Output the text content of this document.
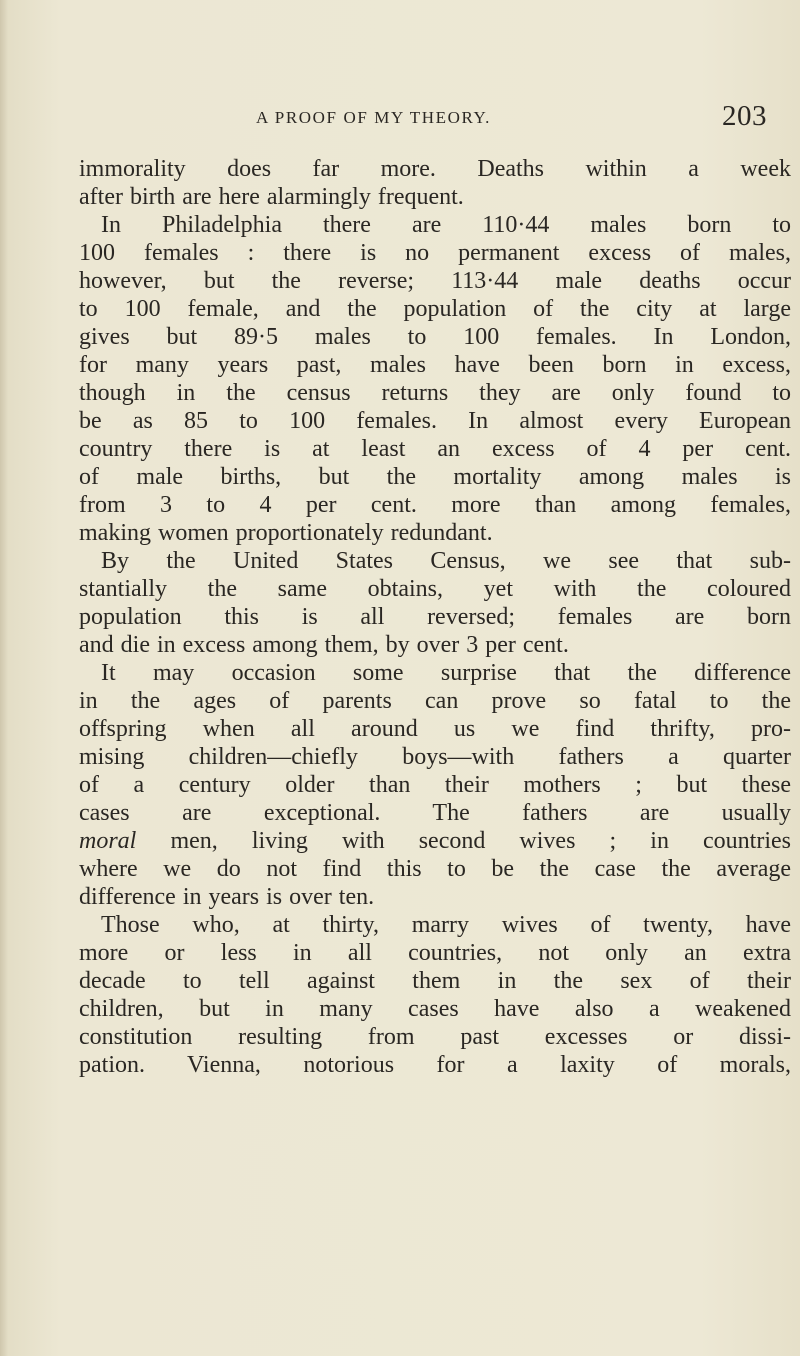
A PROOF OF MY THEORY.	203
immorality does far more. Deaths within a week
after birth are here alarmingly frequent.
In Philadelphia there are 110·44 males born to
100 females : there is no permanent excess of males,
however, but the reverse; 113·44 male deaths occur
to 100 female, and the population of the city at large
gives but 89·5 males to 100 females. In London,
for many years past, males have been born in excess,
though in the census returns they are only found to
be as 85 to 100 females. In almost every European
country there is at least an excess of 4 per cent.
of male births, but the mortality among males is
from 3 to 4 per cent. more than among females,
making women proportionately redundant.
By the United States Census, we see that sub-
stantially the same obtains, yet with the coloured
population this is all reversed; females are born
and die in excess among them, by over 3 per cent.
It may occasion some surprise that the difference
in the ages of parents can prove so fatal to the
offspring when all around us we find thrifty, pro-
mising children—chiefly boys—with fathers a quarter
of a century older than their mothers ; but these
cases are exceptional. The fathers are usually
moral men, living with second wives ; in countries
where we do not find this to be the case the average
difference in years is over ten.
Those who, at thirty, marry wives of twenty, have
more or less in all countries, not only an extra
decade to tell against them in the sex of their
children, but in many cases have also a weakened
constitution resulting from past excesses or dissi-
pation. Vienna, notorious for a laxity of morals,
